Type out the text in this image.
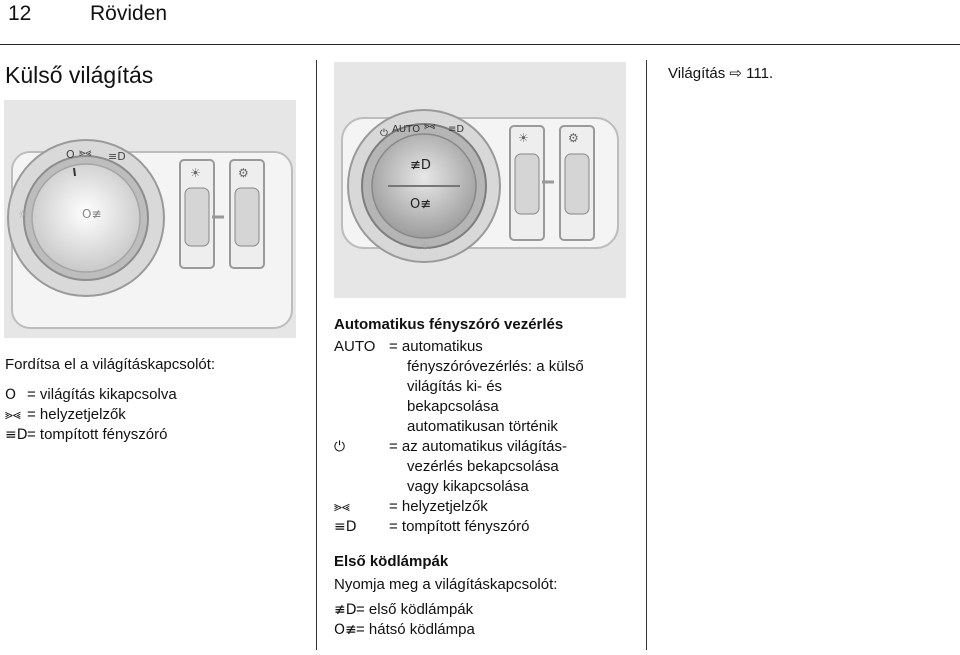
12	Röviden
Külső világítás
O ⪢⪡ ≡D
O≢
☼
☀	⚙
Fordítsa el a világításkapcsolót:
O = világítás kikapcsolva
⪢⪡ = helyzetjelzők
≡D= tompított fényszóró
≢D
O≢
⏻ AUTO ⪢⪡ ≡D
☼
☀	⚙
Automatikus fényszóró vezérlés
AUTO = automatikus
fényszóróvezérlés: a külső
világítás ki- és
bekapcsolása
automatikusan történik
⏻	= az automatikus világítás-
vezérlés bekapcsolása
vagy kikapcsolása
⪢⪡	= helyzetjelzők
≡D = tompított fényszóró
Első ködlámpák
Nyomja meg a világításkapcsolót:
≢D= első ködlámpák
O≢= hátsó ködlámpa
Világítás ⇨ 111.
